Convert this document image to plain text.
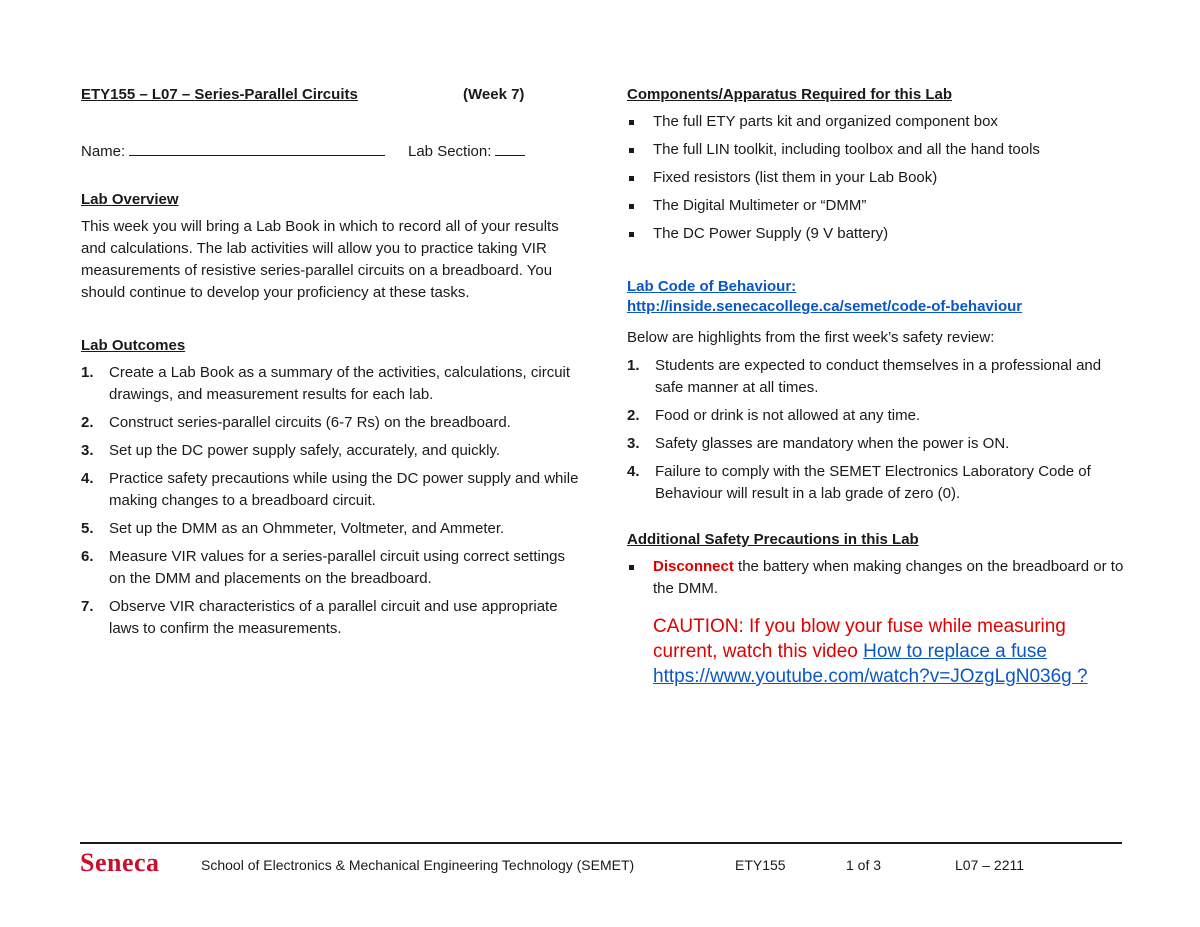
ETY155 – L07 – Series-Parallel Circuits	(Week 7)
Name:	Lab Section:
Lab Overview

This week you will bring a Lab Book in which to record all of your results and calculations. The lab activities will allow you to practice taking VIR measurements of resistive series-parallel circuits on a breadboard. You should continue to develop your proficiency at these tasks.

Lab Outcomes
1. Create a Lab Book as a summary of the activities, calculations, circuit drawings, and measurement results for each lab.
2. Construct series-parallel circuits (6-7 Rs) on the breadboard.
3. Set up the DC power supply safely, accurately, and quickly.
4. Practice safety precautions while using the DC power supply and while making changes to a breadboard circuit.
5. Set up the DMM as an Ohmmeter, Voltmeter, and Ammeter.
6. Measure VIR values for a series-parallel circuit using correct settings on the DMM and placements on the breadboard.
7. Observe VIR characteristics of a parallel circuit and use appropriate laws to confirm the measurements.
Components/Apparatus Required for this Lab
The full ETY parts kit and organized component box
The full LIN toolkit, including toolbox and all the hand tools
Fixed resistors (list them in your Lab Book)
The Digital Multimeter or “DMM”
The DC Power Supply (9 V battery)
Lab Code of Behaviour:
http://inside.senecacollege.ca/semet/code-of-behaviour

Below are highlights from the first week’s safety review:

1. Students are expected to conduct themselves in a professional and safe manner at all times.
2. Food or drink is not allowed at any time.
3. Safety glasses are mandatory when the power is ON.
4. Failure to comply with the SEMET Electronics Laboratory Code of Behaviour will result in a lab grade of zero (0).
Additional Safety Precautions in this Lab
Disconnect the battery when making changes on the breadboard or to the DMM.
CAUTION: If you blow your fuse while measuring current, watch this video How to replace a fuse https://www.youtube.com/watch?v=JOzgLgN036g ?
Seneca	School of Electronics & Mechanical Engineering Technology (SEMET)	ETY155	1 of 3	L07 – 2211
